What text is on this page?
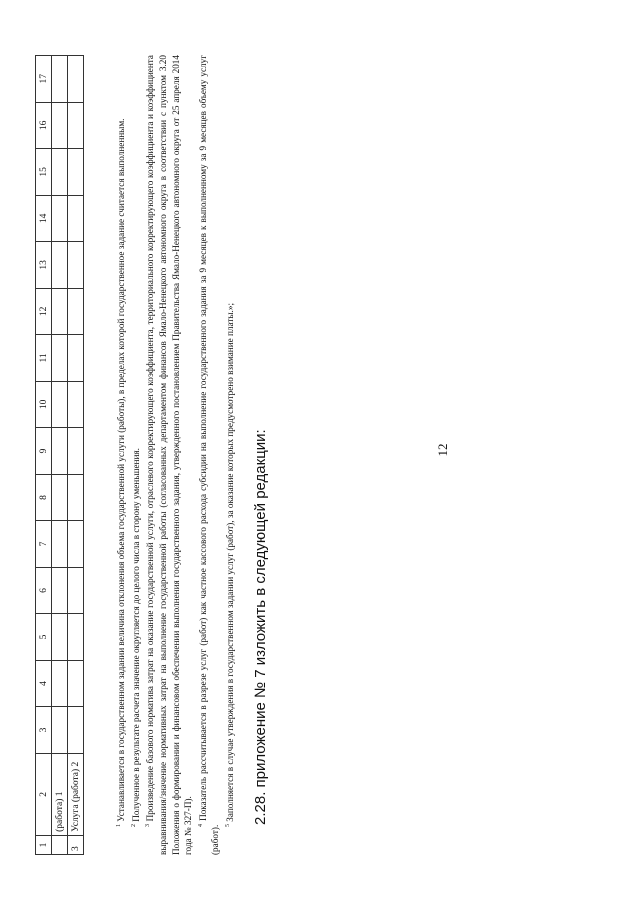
1	2	3	4	5	6	7	8	9	10	11	12	13	14	15	16	17
	(работа) 1															
3	Услуга (работа) 2																$^1$ Устанавливается в государственном задании величина отклонения объема государственной услуги (работы), в пределах которой государственное задание считается выполненным.

$^2$ Полученное в результате расчета значение округляется до целого числа в сторону уменьшения.

$^3$ Произведение базового норматива затрат на оказание государственной услуги, отраслевого корректирующего коэффициента, территориального корректирующего коэффициента и коэффициента выравнивания/значение нормативных затрат на выполнение государственной работы (согласованных департаментом финансов Ямало-Ненецкого автономного округа в соответствии с пунктом 3.20 Положения о формировании и финансовом обеспечении выполнения государственного задания, утвержденного постановлением Правительства Ямало-Ненецкого автономного округа от 25 апреля 2014 года № 327-П). $^4$ Показатель рассчитывается в разрезе услуг (работ) как частное кассового расхода субсидии на выполнение государственного задания за 9 месяцев к выполненному за 9 месяцев объему услуг (работ). $^5$ Заполняется в случае утверждения в государственном задании услуг (работ), за оказание которых предусмотрено взимание платы.»; 2.28. приложение № 7 изложить в следующей редакции:	12
